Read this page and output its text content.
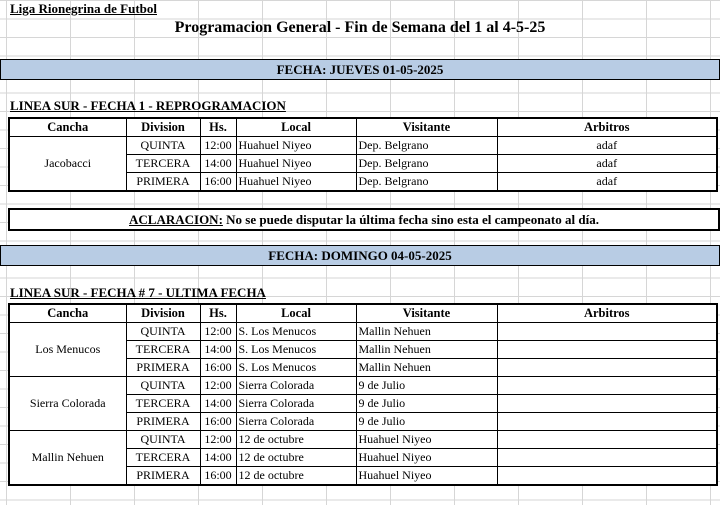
Liga Rionegrina de Futbol
Programacion General - Fin de Semana del 1 al 4-5-25
FECHA: JUEVES 01-05-2025
LINEA SUR - FECHA 1 - REPROGRAMACION
Cancha	Division	Hs.	Local	Visitante	Arbitros
Jacobacci	QUINTA	12:00	Huahuel Niyeo	Dep. Belgrano	adaf
	TERCERA	14:00	Huahuel Niyeo	Dep. Belgrano	adaf
	PRIMERA	16:00	Huahuel Niyeo	Dep. Belgrano	adaf
ACLARACION: No se puede disputar la última fecha sino esta el campeonato al día.
FECHA: DOMINGO 04-05-2025
LINEA SUR - FECHA # 7 - ULTIMA FECHA
Cancha	Division	Hs.	Local	Visitante	Arbitros
Los Menucos	QUINTA	12:00	S. Los Menucos	Mallin Nehuen	
	TERCERA	14:00	S. Los Menucos	Mallin Nehuen	
	PRIMERA	16:00	S. Los Menucos	Mallin Nehuen	
Sierra Colorada	QUINTA	12:00	Sierra Colorada	9 de Julio	
	TERCERA	14:00	Sierra Colorada	9 de Julio	
	PRIMERA	16:00	Sierra Colorada	9 de Julio	
Mallin Nehuen	QUINTA	12:00	12 de octubre	Huahuel Niyeo	
	TERCERA	14:00	12 de octubre	Huahuel Niyeo	
	PRIMERA	16:00	12 de octubre	Huahuel Niyeo	
